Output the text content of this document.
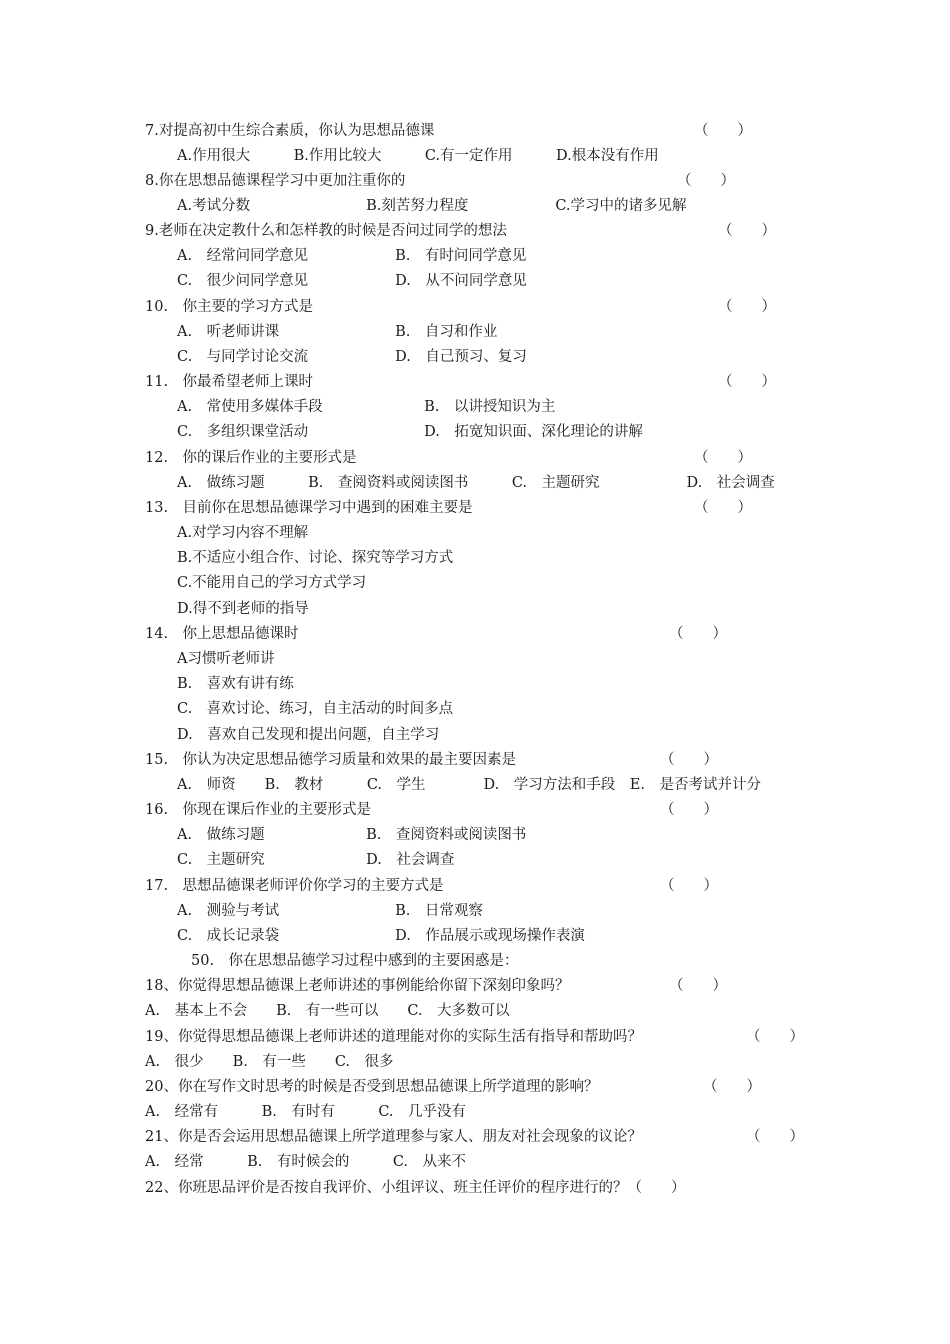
7.对提高初中生综合素质，你认为思想品德课	（　　）
A.作用很大　　　B.作用比较大　　　C.有一定作用　　　D.根本没有作用
8.你在思想品德课程学习中更加注重你的	（　　）
A.考试分数　　　　　　　　B.刻苦努力程度　　　　　　C.学习中的诸多见解
9.老师在决定教什么和怎样教的时候是否问过同学的想法	（　　）
A.　经常问同学意见　　　　　　B.　有时问同学意见
C.　很少问同学意见　　　　　　D.　从不问同学意见
10.　你主要的学习方式是	（　　）
A.　听老师讲课　　　　　　　　B.　自习和作业
C.　与同学讨论交流　　　　　　D.　自己预习、复习
11.　你最希望老师上课时	（　　）
A.　常使用多媒体手段　　　　　　　B.　以讲授知识为主
C.　多组织课堂活动　　　　　　　　D.　拓宽知识面、深化理论的讲解
12.　你的课后作业的主要形式是	（　　）
A.　做练习题　　　B.　查阅资料或阅读图书　　　C.　主题研究　　　　　　D.　社会调查
13.　目前你在思想品德课学习中遇到的困难主要是	（　　）
A.对学习内容不理解
B.不适应小组合作、讨论、探究等学习方式
C.不能用自己的学习方式学习
D.得不到老师的指导
14.　你上思想品德课时	（　　）
A习惯听老师讲
B.　喜欢有讲有练
C.　喜欢讨论、练习，自主活动的时间多点
D.　喜欢自己发现和提出问题，自主学习
15.　你认为决定思想品德学习质量和效果的最主要因素是	（　　）
A.　师资　　B.　教材　　　C.　学生　　　　D.　学习方法和手段　E.　是否考试并计分
16.　你现在课后作业的主要形式是	（　　）
A.　做练习题　　　　　　　B.　查阅资料或阅读图书
C.　主题研究　　　　　　　D.　社会调查
17.　思想品德课老师评价你学习的主要方式是	（　　）
A.　测验与考试　　　　　　　　B.　日常观察
C.　成长记录袋　　　　　　　　D.　作品展示或现场操作表演
50.　你在思想品德学习过程中感到的主要困惑是：
18、你觉得思想品德课上老师讲述的事例能给你留下深刻印象吗？	（　　）
A.　基本上不会　　B.　有一些可以　　C.　大多数可以
19、你觉得思想品德课上老师讲述的道理能对你的实际生活有指导和帮助吗？	（　　）
A.　很少　　B.　有一些　　C.　很多
20、你在写作文时思考的时候是否受到思想品德课上所学道理的影响？	（　　）
A.　经常有　　　B.　有时有　　　C.　几乎没有
21、你是否会运用思想品德课上所学道理参与家人、朋友对社会现象的议论？	（　　）
A.　经常　　　B.　有时候会的　　　C.　从来不
22、你班思品评价是否按自我评价、小组评议、班主任评价的程序进行的？（　　）
